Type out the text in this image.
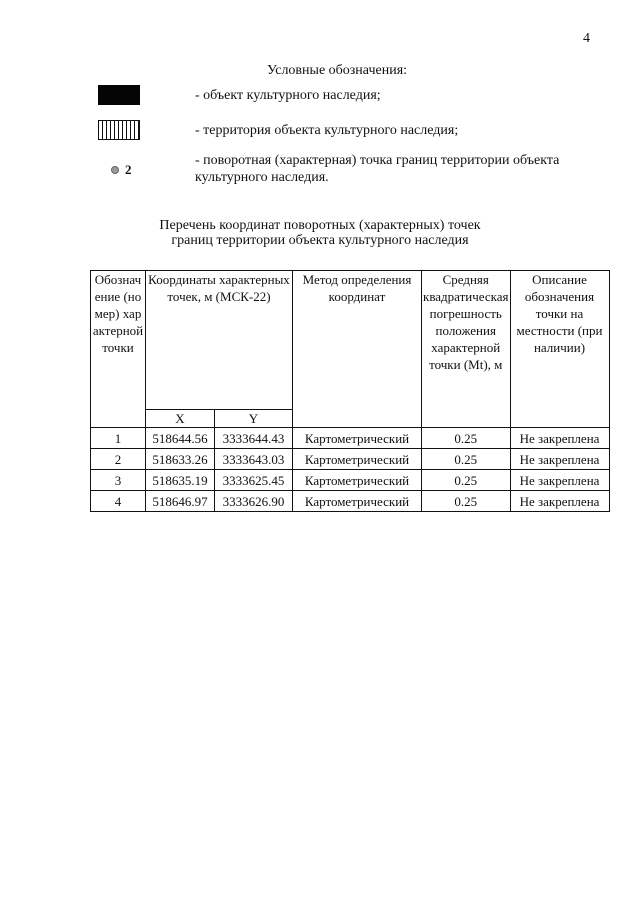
4
Условные обозначения:
- объект культурного наследия;
- территория объекта культурного наследия;
2
- поворотная (характерная) точка границ территории объекта
культурного наследия.
Перечень координат поворотных (характерных) точек
границ территории объекта культурного наследия
Обозначение (номер) характерной точки	Координаты характерных точек, м (МСК-22)		Метод определения координат	Средняя квадратическая погрешность положения характерной точки (Mt), м	Описание обозначения точки на местности (при наличии)
	X	Y			
1	518644.56	3333644.43	Картометрический	0.25	Не закреплена
2	518633.26	3333643.03	Картометрический	0.25	Не закреплена
3	518635.19	3333625.45	Картометрический	0.25	Не закреплена
4	518646.97	3333626.90	Картометрический	0.25	Не закреплена
